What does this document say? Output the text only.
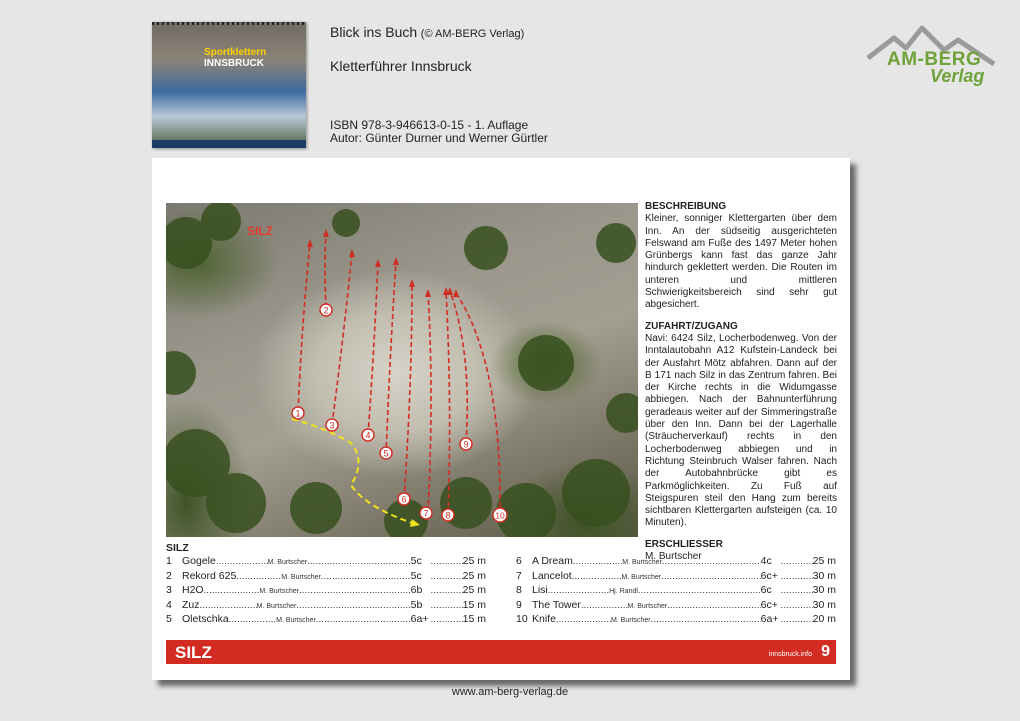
Sportklettern
INNSBRUCK
Blick ins Buch (© AM-BERG Verlag)
Kletterführer Innsbruck
ISBN 978-3-946613-0-15 - 1. Auflage
Autor: Günter Durner und Werner Gürtler
AM-BERG
Verlag
1
2
3
4
5
6
7 8
9
10
SILZ
BESCHREIBUNG

Kleiner, sonniger Klettergarten über dem Inn. An der südseitig ausgerichteten Felswand am Fuße des 1497 Meter hohen Grünbergs kann fast das ganze Jahr hindurch geklettert werden. Die Routen im unteren und mittleren Schwierigkeitsbereich sind sehr gut abgesichert.

ZUFAHRT/ZUGANG

Navi: 6424 Silz, Locherbodenweg. Von der Inntalautobahn A12 Kufstein-Landeck bei der Ausfahrt Mötz abfahren. Dann auf der B 171 nach Silz in das Zentrum fahren. Bei der Kirche rechts in die Widumgasse abbiegen. Nach der Bahnunterführung geradeaus weiter auf der Simmeringstraße über den Inn. Dann bei der Lagerhalle (Sträucherverkauf) rechts in den Locherbodenweg abbiegen und in Richtung Steinbruch Walser fahren. Nach der Autobahnbrücke gibt es Parkmöglichkeiten. Zu Fuß auf Steigspuren steil den Hang zum bereits sichtbaren Klettergarten aufsteigen (ca. 10 Minuten).

ERSCHLIESSER

M. Burtscher

SILZ
1 Gogele .....	M. Burtscher .....	5c .....	25 m
2 Rekord 625 .....	M. Burtscher .....	5c .....	25 m
3 H2O .....	M. Burtscher .....	6b .....	25 m
4 Zuz .....	M. Burtscher .....	5b .....	15 m
5 Oletschka .....	M. Burtscher .....	6a+ .....	15 m
6 A Dream .....	M. Burtscher .....	4c .....	25 m
7 Lancelot .....	M. Burtscher .....	6c+ .....	30 m
8 Lisi .....	Hj. Randl .....	6c .....	30 m
9 The Tower .....	M. Burtscher .....	6c+ .....	30 m
10 Knife .....	M. Burtscher .....	6a+ .....	20 m
SILZ	innsbruck.info 9
www.am-berg-verlag.de
